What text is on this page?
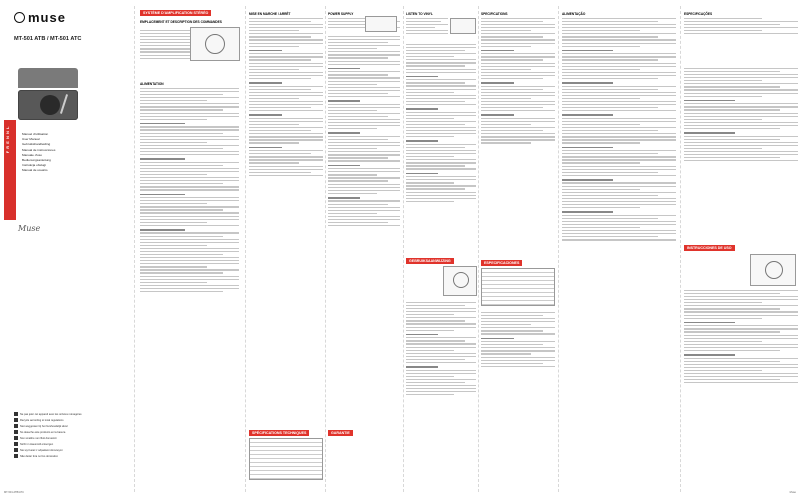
muse
MT-501 ATB / MT-501 ATC
F R E N N L	Manuel d'utilisation
User Manual
Gebruikshandleiding
Manual de instrucciones
Manuale d'uso
Bedienungsanleitung
Instrukcja obsługi
Manual de usuário
Muse
Ne pas jeter cet appareil avec les ordures ménagères
Recycle according to local regulations
Niet weggooien bij het huishoudelijk afval
No deseche este producto en la basura
Non smaltire nei rifiuti domestici
Nicht im Hausmüll entsorgen
Nie wyrzucać z odpadami domowymi
Não deitar fora no lixo doméstico
SYSTÈME D'AMPLIFICATION STÉRÉO
EMPLACEMENT ET DESCRIPTION DES COMMANDES
ALIMENTATION
MISE EN MARCHE / ARRÊT
SPÉCIFICATIONS TECHNIQUES
POWER SUPPLY
GARANTIE
LISTEN TO VINYL
GEBRUIKSAANWIJZING
SPECIFICATIONS
ESPECIFICACIONES
ALIMENTAÇÃO	ESPECIFICAÇÕES
INSTRUCCIONES DE USO
Muse
MT-501 ATB/ATC
